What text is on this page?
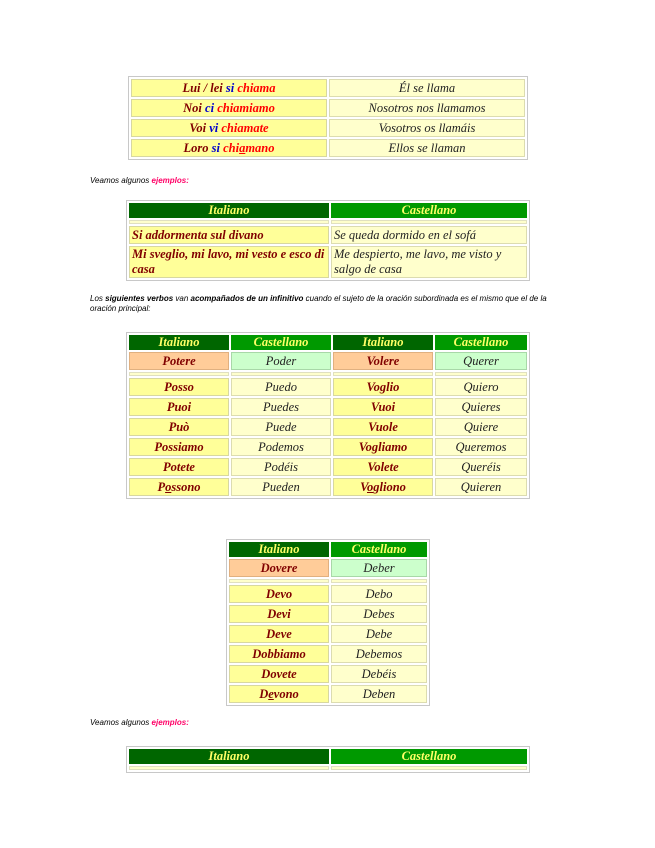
Lui / lei si chiama	Él se llama
Noi ci chiamiamo	Nosotros nos llamamos
Voi vi chiamate	Vosotros os llamáis
Loro si chiamano	Ellos se llaman
Veamos algunos ejemplos:
Italiano	Castellano

Si addormenta sul divano	Se queda dormido en el sofá
Mi sveglio, mi lavo, mi vesto e esco di casa	Me despierto, me lavo, me visto y salgo de casa
Los siguientes verbos van acompañados de un infinitivo cuando el sujeto de la oración subordinada es el mismo que el de la oración principal:
Italiano	Castellano	Italiano	Castellano
Potere	Poder	Volere	Querer

Posso	Puedo	Voglio	Quiero
Puoi	Puedes	Vuoi	Quieres
Può	Puede	Vuole	Quiere
Possiamo	Podemos	Vogliamo	Queremos
Potete	Podéis	Volete	Queréis
Possono	Pueden	Vogliono	Quieren
Italiano	Castellano
Dovere	Deber

Devo	Debo
Devi	Debes
Deve	Debe
Dobbiamo	Debemos
Dovete	Debéis
Devono	Deben
Veamos algunos ejemplos:
Italiano	Castellano
